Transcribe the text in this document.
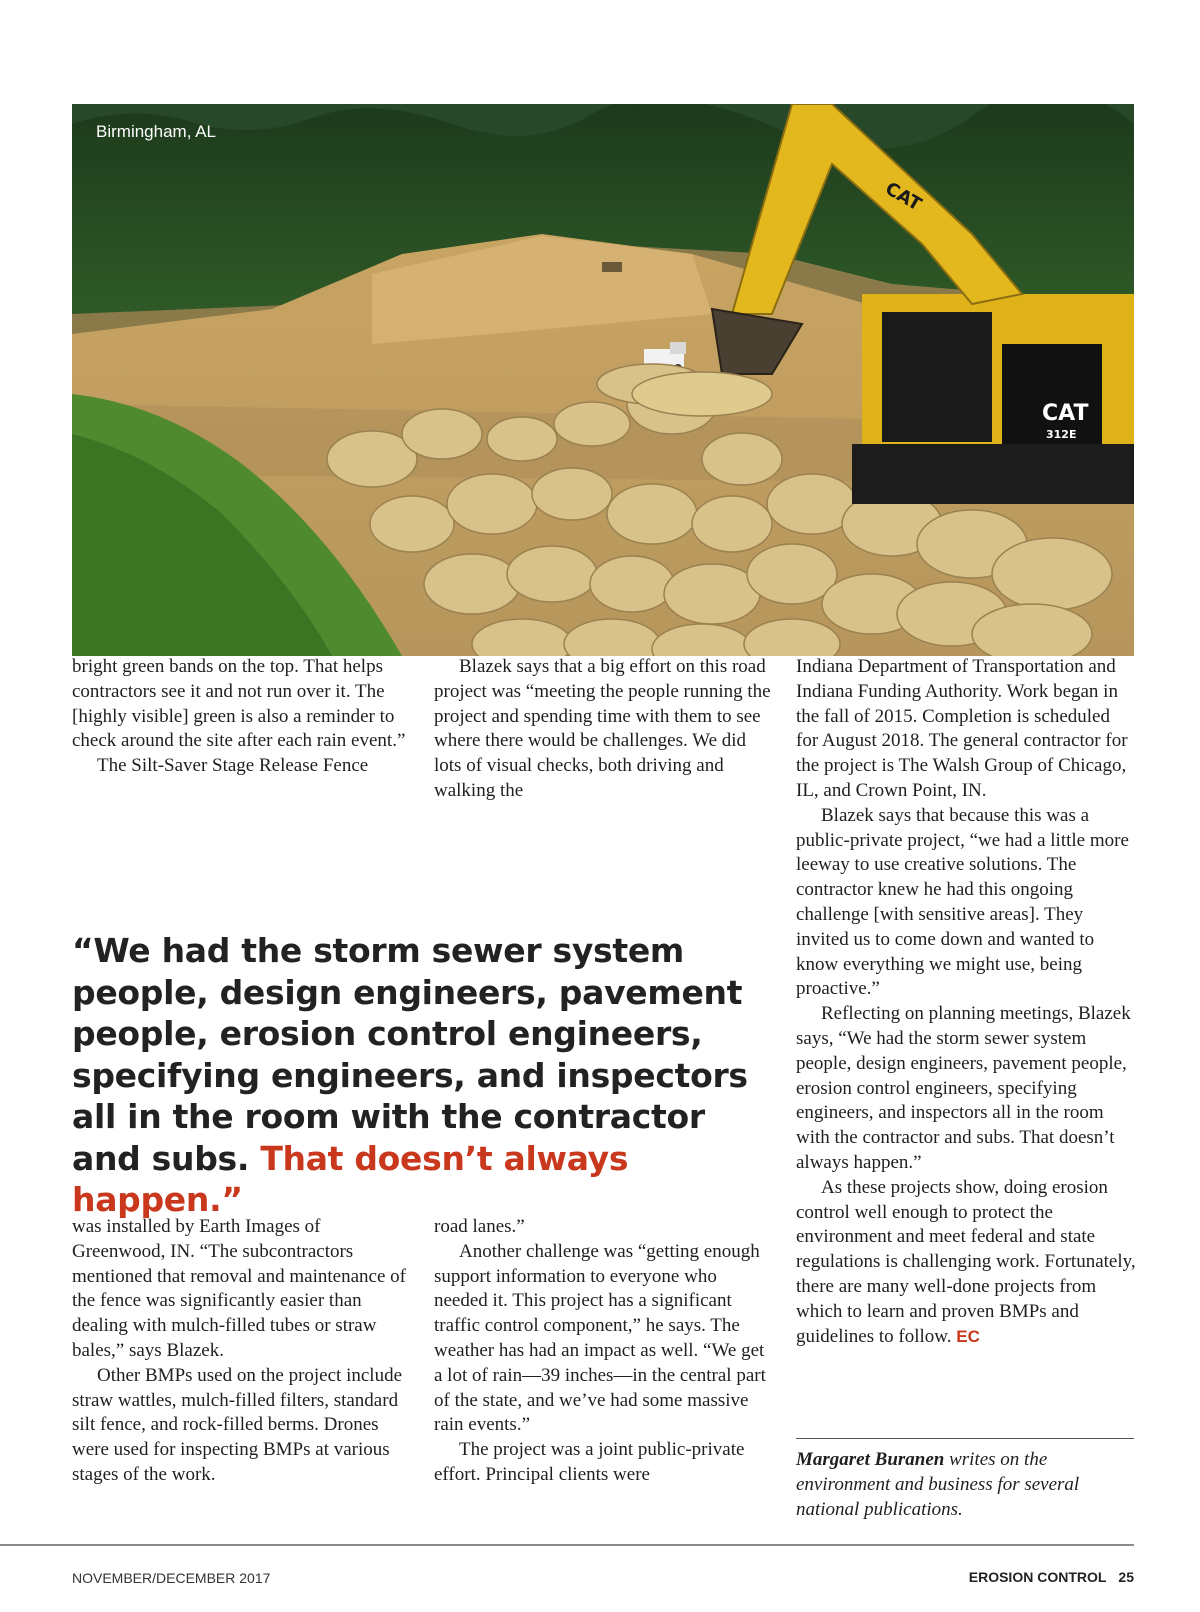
CAT
312E
CAT
Birmingham, AL

bright green bands on the top. That helps contractors see it and not run over it. The [highly visible] green is also a reminder to check around the site after each rain event.”

The Silt-Saver Stage Release Fence

Blazek says that a big effort on this road project was “meeting the people running the project and spending time with them to see where there would be challenges. We did lots of visual checks, both driving and walking the

“We had the storm sewer system people, design engineers, pavement people, erosion control engineers, specifying engineers, and inspectors all in the room with the contractor and subs. That doesn’t always happen.”

was installed by Earth Images of Greenwood, IN. “The subcontractors mentioned that removal and maintenance of the fence was significantly easier than dealing with mulch-filled tubes or straw bales,” says Blazek.

Other BMPs used on the project include straw wattles, mulch-filled filters, standard silt fence, and rock-filled berms. Drones were used for inspecting BMPs at various stages of the work.

road lanes.”

Another challenge was “getting enough support information to everyone who needed it. This project has a significant traffic control component,” he says. The weather has had an impact as well. “We get a lot of rain—39 inches—in the central part of the state, and we’ve had some massive rain events.”

The project was a joint public-private effort. Principal clients were

Indiana Department of Transportation and Indiana Funding Authority. Work began in the fall of 2015. Completion is scheduled for August 2018. The general contractor for the project is The Walsh Group of Chicago, IL, and Crown Point, IN.

Blazek says that because this was a public-private project, “we had a little more leeway to use creative solutions. The contractor knew he had this ongoing challenge [with sensitive areas]. They invited us to come down and wanted to know everything we might use, being proactive.”

Reflecting on planning meetings, Blazek says, “We had the storm sewer system people, design engineers, pavement people, erosion control engineers, specifying engineers, and inspectors all in the room with the contractor and subs. That doesn’t always happen.”

As these projects show, doing erosion control well enough to protect the environment and meet federal and state regulations is challenging work. Fortunately, there are many well-done projects from which to learn and proven BMPs and guidelines to follow. EC

Margaret Buranen writes on the environment and business for several national publications.
NOVEMBER/DECEMBER 2017	EROSION CONTROL 25
